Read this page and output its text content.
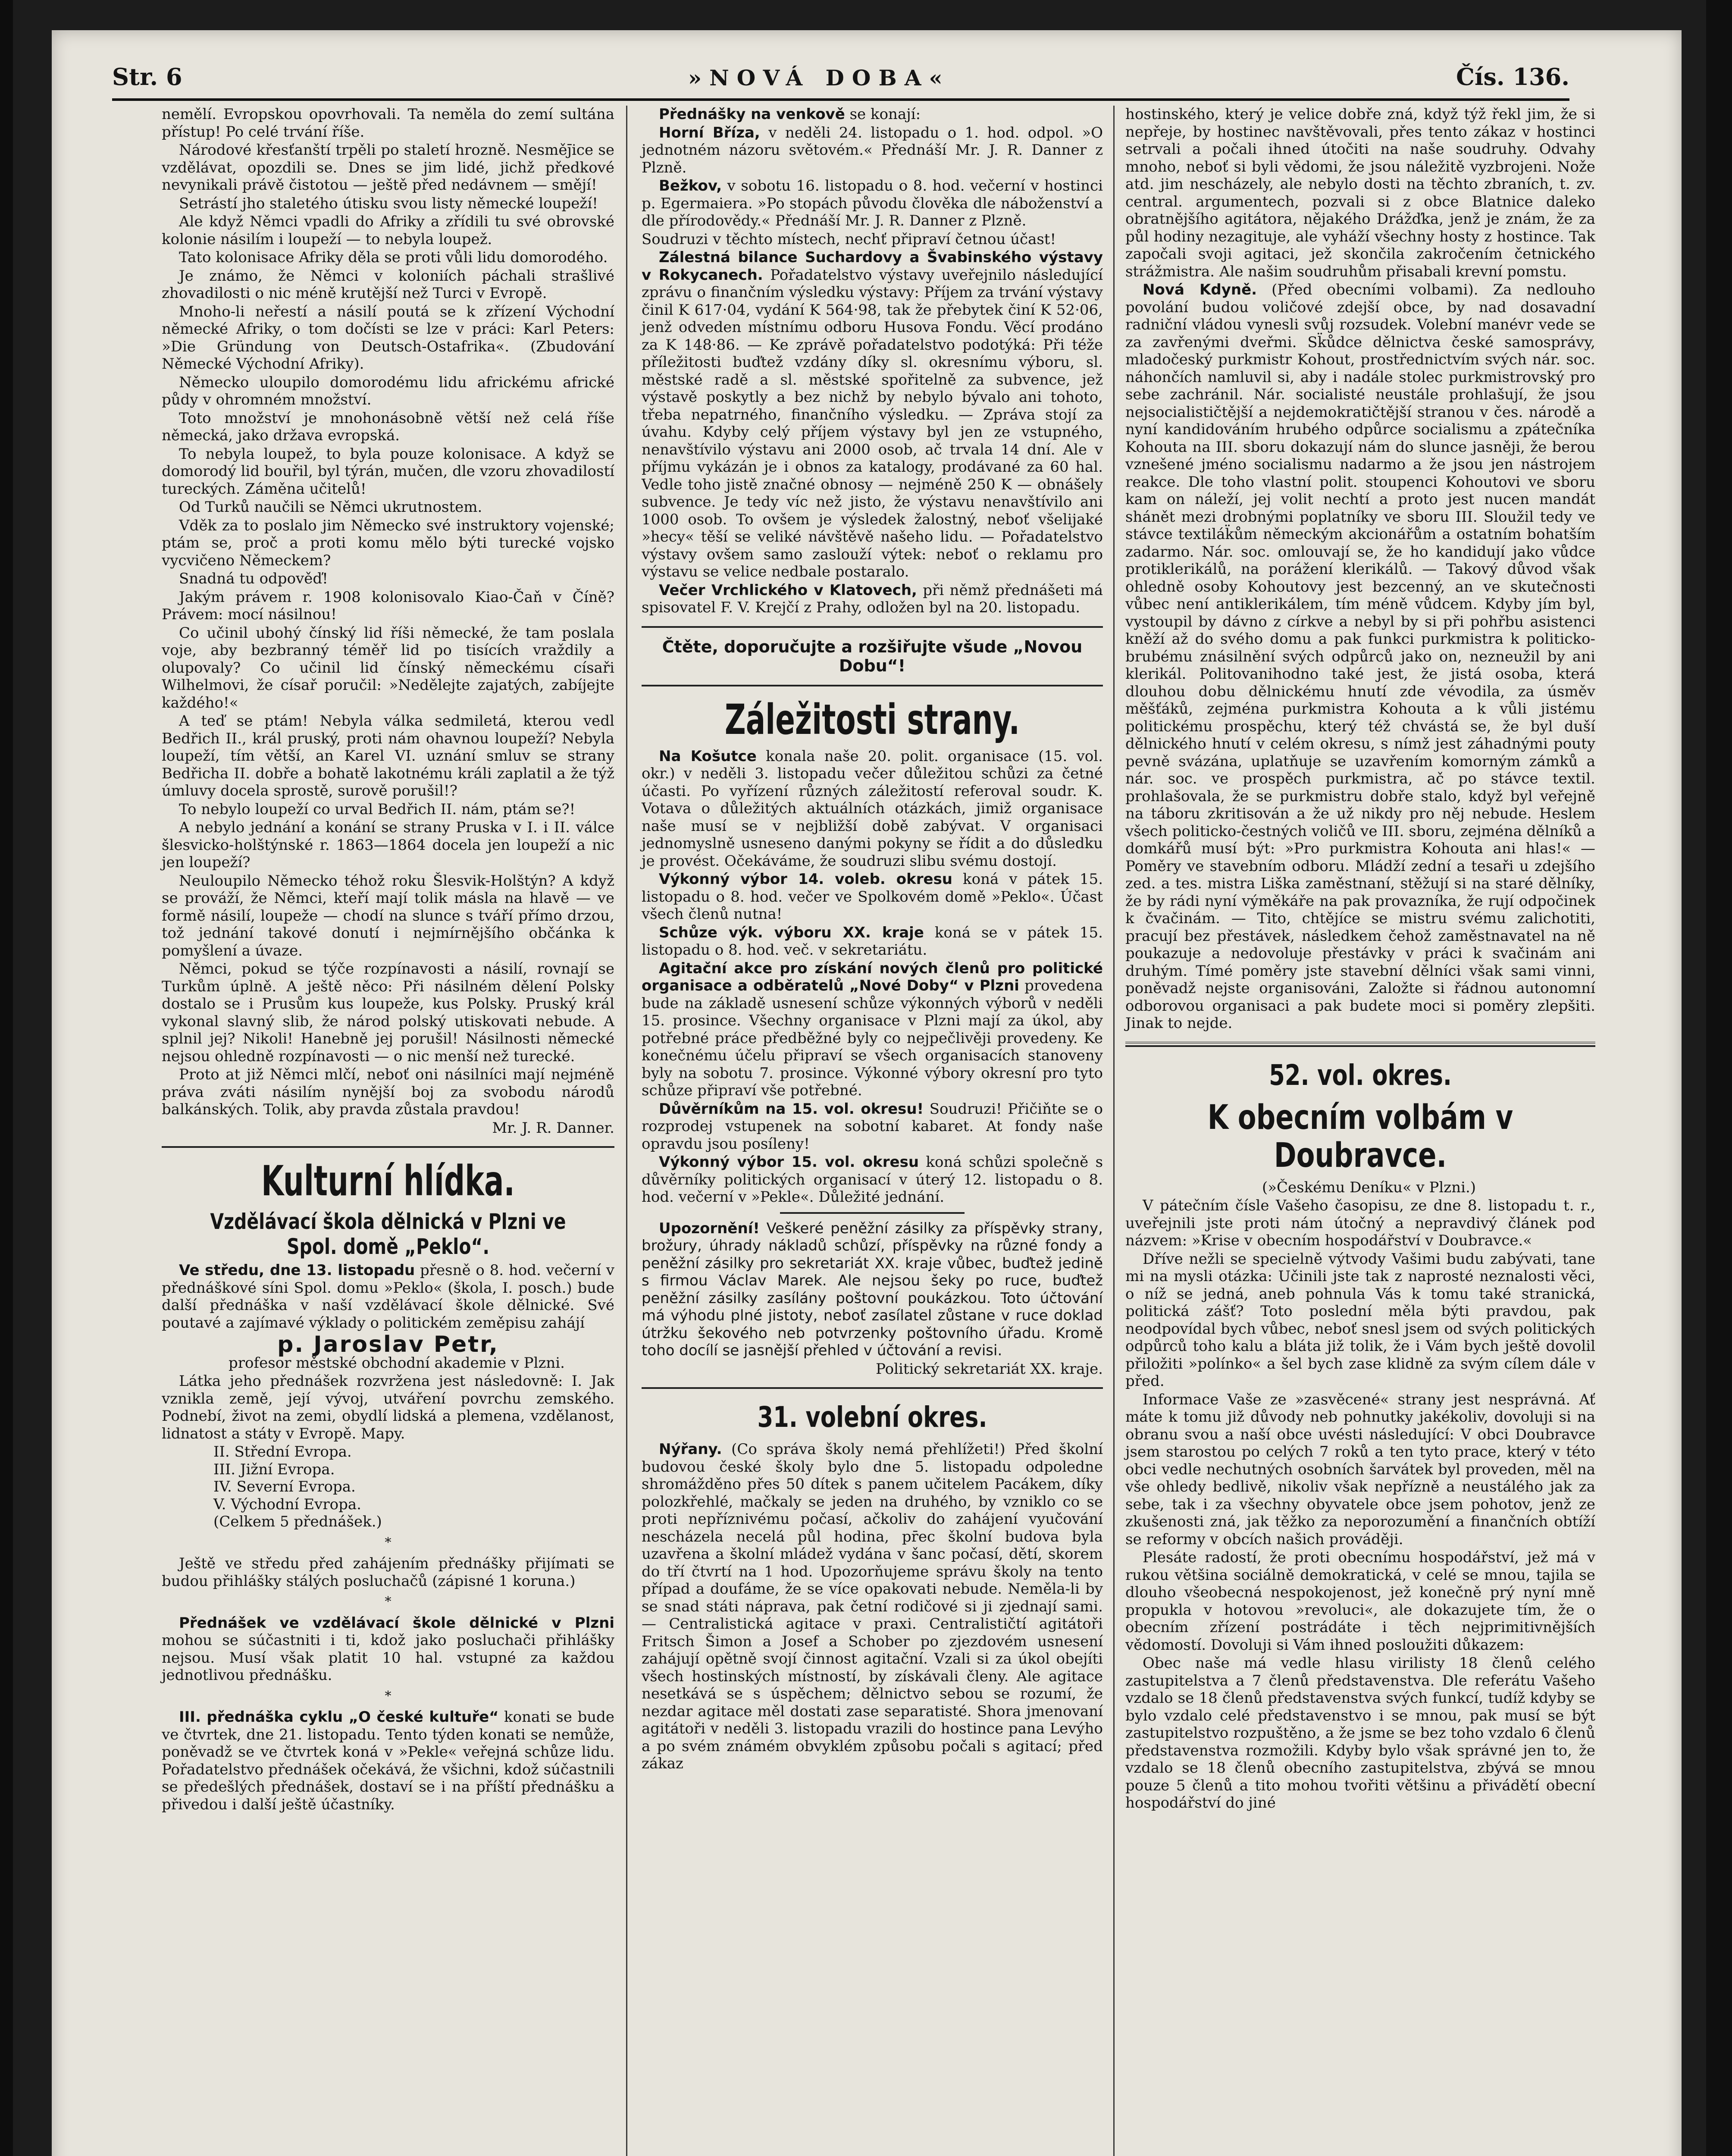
Str. 6	»NOVÁ DOBA«	Čís. 136.

nemělí. Evropskou opovrhovali. Ta neměla do zemí sultána přístup! Po celé trvání říše.

Národové křesťanští trpěli po staletí hrozně. Nesměj̄ice se vzdělávat, opozdili se. Dnes se jim lidé, jichž předkové nevynikali právě čistotou — ještě před nedávnem — smějí!

Setrástí jho staletého útisku svou listy německé loupeží!

Ale když Němci vpadli do Afriky a zřídili tu své obrovské kolonie násilím i loupeží — to nebyla loupež.

Tato kolonisace Afriky děla se proti vůli lidu domorodého.

Je známo, že Němci v koloniích páchali strašlivé zhovadilosti o nic méně krutější než Turci v Evropě.

Mnoho-li neřestí a násilí poutá se k zřízení Východní německé Afriky, o tom dočísti se lze v práci: Karl Peters: »Die Gründung von Deutsch-Ostafrika«. (Zbudování Německé Východní Afriky).

Německo uloupilo domorodému lidu africkému africké půdy v ohromném množství.

Toto množství je mnohonásobně větší než celá říše německá, jako država evropská.

To nebyla loupež, to byla pouze kolonisace. A když se domorodý lid bouřil, byl týrán, mučen, dle vzoru zhovadilostí tureckých. Záměna učitelů!

Od Turků naučili se Němci ukrutnostem.

Vděk za to poslalo jim Německo své instruktory vojenské; ptám se, proč a proti komu mělo býti turecké vojsko vycvičeno Německem?

Snadná tu odpověď!

Jakým právem r. 1908 kolonisovalo Kiao-Čaň v Číně? Právem: mocí násilnou!

Co učinil ubohý čínský lid říši německé, že tam poslala voje, aby bezbranný téměř lid po tisících vraždily a olupovaly? Co učinil lid čínský německému císaři Wilhelmovi, že císař poručil: »Nedělejte zajatých, zabíjejte každého!«

A teď se ptám! Nebyla válka sedmiletá, kterou vedl Bedřich II., král pruský, proti nám ohavnou loupeží? Nebyla loupeží, tím větší, an Karel VI. uznání smluv se strany Bedřicha II. dobře a bohatě lakotnému králi zaplatil a že týž úmluvy docela sprostě, surově porušil!?

To nebylo loupeží co urval Bedřich II. nám, ptám se?!

A nebylo jednání a konání se strany Pruska v I. i II. válce šlesvicko-holštýnské r. 1863—1864 docela jen loupeží a nic jen loupeží?

Neuloupilo Německo téhož roku Šlesvik-Holštýn? A když se prováží, že Němci, kteří mají tolik másla na hlavě — ve formě násilí, loupeže — chodí na slunce s tváří přímo drzou, tož jednání takové donutí i nejmírnějšího občánka k pomyšlení a úvaze.

Němci, pokud se týče rozpínavosti a násilí, rovnají se Turkům úplně. A ještě něco: Při násilném dělení Polsky dostalo se i Prusům kus loupeže, kus Polsky. Pruský král vykonal slavný slib, že národ polský utiskovati nebude. A splnil jej? Nikoli! Hanebně jej porušil! Násilnosti německé nejsou ohledně rozpínavosti — o nic menší než turecké.

Proto at již Němci mlčí, neboť oni násilníci mají nejméně práva zváti násilím nynější boj za svobodu národů balkánských. Tolik, aby pravda zůstala pravdou!

Mr. J. R. Danner.

Kulturní hlídka.
Vzdělávací škola dělnická v Plzni ve Spol. domě „Peklo“.

Ve středu, dne 13. listopadu přesně o 8. hod. večerní v přednáškové síni Spol. domu »Peklo« (škola, I. posch.) bude další přednáška v naší vzdělávací škole dělnické. Své poutavé a zajímavé výklady o politickém zeměpisu zahájí

p. Jaroslav Petr,

profesor městské obchodní akademie v Plzni.

Látka jeho přednášek rozvržena jest následovně: I. Jak vznikla země, její vývoj, utváření povrchu zemského. Podnebí, život na zemi, obydlí lidská a plemena, vzdělanost, lidnatost a státy v Evropě. Mapy.

II. Střední Evropa.
III. Jižní Evropa.
IV. Severní Evropa.
V. Východní Evropa.
(Celkem 5 přednášek.)
*

Ještě ve středu před zahájením přednášky přijímati se budou přihlášky stálých posluchačů (zápisné 1 koruna.)

*

Přednášek ve vzdělávací škole dělnické v Plzni mohou se súčastniti i ti, kdož jako posluchači přihlášky nejsou. Musí však platit 10 hal. vstupné za každou jednotlivou přednášku.

*

III. přednáška cyklu „O české kultuře“ konati se bude ve čtvrtek, dne 21. listopadu. Tento týden konati se nemůže, poněvadž se ve čtvrtek koná v »Pekle« veřejná schůze lidu. Pořadatelstvo přednášek očekává, že všichni, kdož súčastnili se předešlých přednášek, dostaví se i na příští přednášku a přivedou i další ještě účastníky.

Přednášky na venkově se konají:

Horní Bříza, v neděli 24. listopadu o 1. hod. odpol. »O jednotném názoru světovém.« Přednáší Mr. J. R. Danner z Plzně.

Bežkov, v sobotu 16. listopadu o 8. hod. večerní v hostinci p. Egermaiera. »Po stopách původu člověka dle náboženství a dle přírodovědy.« Přednáší Mr. J. R. Danner z Plzně.

Soudruzi v těchto místech, nechť připraví četnou účast!

Zálestná bilance Suchardovy a Švabinského výstavy v Rokycanech. Pořadatelstvo výstavy uveřejnilo následující zprávu o finančním výsledku výstavy: Příjem za trvání výstavy činil K 617·04, vydání K 564·98, tak že přebytek činí K 52·06, jenž odveden místnímu odboru Husova Fondu. Věcí prodáno za K 148·86. — Ke zprávě pořadatelstvo podotýká: Při téže příležitosti buďtež vzdány díky sl. okresnímu výboru, sl. městské radě a sl. městské spořitelně za subvence, jež výstavě poskytly a bez nichž by nebylo bývalo ani tohoto, třeba nepatrného, finančního výsledku. — Zpráva stojí za úvahu. Kdyby celý příjem výstavy byl jen ze vstupného, nenavštívilo výstavu ani 2000 osob, ač trvala 14 dní. Ale v příjmu vykázán je i obnos za katalogy, prodávané za 60 hal. Vedle toho jistě značné obnosy — nejméně 250 K — obnášely subvence. Je tedy víc než jisto, že výstavu nenavštívilo ani 1000 osob. To ovšem je výsledek žalostný, neboť všelijaké »hecy« těší se veliké návštěvě našeho lidu. — Pořadatelstvo výstavy ovšem samo zaslouží výtek: neboť o reklamu pro výstavu se velice nedbale postaralo.

Večer Vrchlického v Klatovech, při němž přednášeti má spisovatel F. V. Krejčí z Prahy, odložen byl na 20. listopadu.

Čtěte, doporučujte a rozšiřujte všude „Novou Dobu“!
Záležitosti strany.

Na Košutce konala naše 20. polit. organisace (15. vol. okr.) v neděli 3. listopadu večer důležitou schůzi za četné účasti. Po vyřízení různých záležitostí referoval soudr. K. Votava o důležitých aktuálních otázkách, jimiž organisace naše musí se v nejbližší době zabývat. V organisaci jednomyslně usneseno danými pokyny se řídit a do důsledku je provést. Očekáváme, že soudruzi slibu svému dostojí.

Výkonný výbor 14. voleb. okresu koná v pátek 15. listopadu o 8. hod. večer ve Spolkovém domě »Peklo«. Účast všech členů nutna!

Schůze výk. výboru XX. kraje koná se v pátek 15. listopadu o 8. hod. več. v sekretariátu.

Agitační akce pro získání nových členů pro politické organisace a odběratelů „Nové Doby“ v Plzni provedena bude na základě usnesení schůze výkonných výborů v neděli 15. prosince. Všechny organisace v Plzni mají za úkol, aby potřebné práce předběžné byly co nejpečlivěji provedeny. Ke konečnému účelu připraví se všech organisacích stanoveny byly na sobotu 7. prosince. Výkonné výbory okresní pro tyto schůze připraví vše potřebné.

Důvěrníkům na 15. vol. okresu! Soudruzi! Přičiňte se o rozprodej vstupenek na sobotní kabaret. At fondy naše opravdu jsou posíleny!

Výkonný výbor 15. vol. okresu koná schůzi společně s důvěrníky politických organisací v úterý 12. listopadu o 8. hod. večerní v »Pekle«. Důležité jednání.

Upozornění! Veškeré peněžní zásilky za příspěvky strany, brožury, úhrady nákladů schůzí, příspěvky na různé fondy a peněžní zásilky pro sekretariát XX. kraje vůbec, buďtež jedině s firmou Václav Marek. Ale nejsou šeky po ruce, buďtež peněžní zásilky zasílány poštovní poukázkou. Toto účtování má výhodu plné jistoty, neboť zasílatel zůstane v ruce doklad útržku šekového neb potvrzenky poštovního úřadu. Kromě toho docílí se jasnější přehled v účtování a revisi.

Politický sekretariát XX. kraje.

31. volební okres.

Nýřany. (Co správa školy nemá přehlížeti!) Před školní budovou české školy bylo dne 5. listopadu odpoledne shromážděno přes 50 dítek s panem učitelem Pacákem, díky polozkřehlé, mačkaly se jeden na druhého, by vzniklo co se proti nepříznivému počasí, ačkoliv do zahájení vyučování nescházela necelá půl hodina, pr̄ec školní budova byla uzavřena a školní mládež vydána v šanc počasí, dětí, skorem do tří čtvrtí na 1 hod. Upozorňujeme správu školy na tento případ a doufáme, že se více opakovati nebude. Neměla-li by se snad státi náprava, pak četní rodičové si ji zjednají sami. — Centralistická agitace v praxi. Centralističtí agitátoři Fritsch Šimon a Josef a Schober po zjezdovém usnesení zahájují opětně svojí činnost agitační. Vzali si za úkol obejíti všech hostinských místností, by získávali členy. Ale agitace nesetkává se s úspěchem; dělnictvo sebou se rozumí, že nezdar agitace měl dostati zase separatisté. Shora jmenovaní agitátoři v neděli 3. listopadu vrazili do hostince pana Levýho a po svém známém obvyklém způsobu počali s agitací; před zákaz

hostinského, který je velice dobře zná, když týž řekl jim, že si nepřeje, by hostinec navštěvovali, přes tento zákaz v hostinci setrvali a počali ihned útočiti na naše soudruhy. Odvahy mnoho, neboť si byli vědomi, že jsou náležitě vyzbrojeni. Nože atd. jim nescházely, ale nebylo dosti na těchto zbraních, t. zv. central. argumentech, pozvali si z obce Blatnice daleko obratnějšího agitátora, nějakého Drážďka, jenž je znám, že za půl hodiny nezagituje, ale vyháží všechny hosty z hostince. Tak započali svoji agitaci, jež skončila zakročením četnického strážmistra. Ale našim soudruhům přisabali krevní pomstu.

Nová Kdyně. (Před obecními volbami). Za nedlouho povolání budou voličové zdejší obce, by nad dosavadní radniční vládou vynesli svůj rozsudek. Volební manévr vede se za zavřenými dveřmi. Sk̈ůdce dělnictva české samosprávy, mladočeský purkmistr Kohout, prostřednictvím svých nár. soc. náhončích namluvil si, aby i nadále stolec purkmistrovský pro sebe zachránil. Nár. socialisté neustále prohlašují, že jsou nejsocialističtější a nejdemokratičtější stranou v čes. národě a nyní kandidováním hrubého odpůrce socialismu a zpátečníka Kohouta na III. sboru dokazují nám do slunce jasněji, že berou vznešené jméno socialismu nadarmo a že jsou jen nástrojem reakce. Dle toho vlastní polit. stoupenci Kohoutovi ve sboru kam on náleží, jej volit nechtí a proto jest nucen mandát shánět mezi drobnými poplatníky ve sboru III. Sloužil tedy ve stávce textilák̈ům německým akcionářům a ostatním bohatším zadarmo. Nár. soc. omlouvají se, že ho kandidují jako vůdce protiklerikálů, na porážení klerikálů. — Takový důvod však ohledně osoby Kohoutovy jest bezcenný, an ve skutečnosti vůbec není antiklerikálem, tím méně vůdcem. Kdyby jím byl, vystoupil by dávno z církve a nebyl by si při pohřbu asistenci kněží až do svého domu a pak funkci purkmistra k politicko-brubému znásilnění svých odpůrců jako on, nezneužil by ani klerikál. Politovanihodno také jest, že jistá osoba, která dlouhou dobu dělnickému hnutí zde vévodila, za úsměv měšťáků, zejména purkmistra Kohouta a k vůli jistému politickému prospěchu, který též chvástá se, že byl duší dělnického hnutí v celém okresu, s nímž jest záhadnými pouty pevně svázána, uplatňuje se uzavřením komorným zámků a nár. soc. ve prospěch purkmistra, ač po stávce textil. prohlašovala, že se purkmistru dobře stalo, když byl veřejně na táboru zkritisován a že už nikdy pro něj nebude. Heslem všech politicko-čestných voličů ve III. sboru, zejména dělníků a domkářů musí být: »Pro purkmistra Kohouta ani hlas!« — Poměry ve stavebním odboru. Mládží zední a tesaři u zdejšího zed. a tes. mistra Liška zaměstnaní, stěžují si na staré dělníky, že by rádi nyní výměkáře na pak provazníka, že rují odpočinek k čvačinám. — Tito, chtějíce se mistru svému zalichotiti, pracují bez přestávek, následkem čehož zaměstnavatel na ně poukazuje a nedovoluje přestávky v práci k svačinám ani druhým. Tímé poměry jste stavební dělníci však sami vinni, poněvadž nejste organisováni, Založte si řádnou autonomní odborovou organisaci a pak budete moci si poměry zlepšiti. Jinak to nejde.

52. vol. okres.
K obecním volbám v Doubravce.

(»Českému Deníku« v Plzni.)

V pátečním čísle Vašeho časopisu, ze dne 8. listopadu t. r., uveřejnili jste proti nám útočný a nepravdivý článek pod názvem: »Krise v obecním hospodářství v Doubravce.«

Dříve nežli se specielně výtvody Vašimi budu zabývati, tane mi na mysli otázka: Učinili jste tak z naprosté neznalosti věci, o níž se jedná, aneb pohnula Vás k tomu také stranická, politická zášť? Toto poslední měla býti pravdou, pak neodpovídal bych vůbec, neboť snesl jsem od svých politických odpůrců toho kalu a bláta již tolik, že i Vám bych ještě dovolil přiložiti »polínko« a šel bych zase klidně za svým cílem dále v před.

Informace Vaše ze »zasvěcené« strany jest nesprávná. Ať máte k tomu již důvody neb pohnutky jakékoliv, dovoluji si na obranu svou a naší obce uvésti následující: V obci Doubravce jsem starostou po celých 7 roků a ten tyto prace, který v této obci vedle nechutných osobních šarvátek byl proveden, měl na vše ohledy bedlivě, nikoliv však nepřízně a neustálého jak za sebe, tak i za všechny obyvatele obce jsem pohotov, jenž ze zkušenosti zná, jak těžko za neporozumění a finančních obtíží se reformy v obcích našich prováději.

Plesáte radostí, že proti obecnímu hospodářství, jež má v rukou většina sociálně demokratická, v celé se mnou, tajila se dlouho všeobecná nespokojenost, jež konečně prý nyní mně propukla v hotovou »revoluci«, ale dokazujete tím, že o obecním zřízení postrádáte i těch nejprimitivnějších vědomostí. Dovoluji si Vám ihned posloužiti důkazem:

Obec naše má vedle hlasu virilisty 18 členů celého zastupitelstva a 7 členů představenstva. Dle referátu Vašeho vzdalo se 18 členů představenstva svých funkcí, tudíž kdyby se bylo vzdalo celé představenstvo i se mnou, pak musí se být zastupitelstvo rozpuštěno, a že jsme se bez toho vzdalo 6 členů představenstva rozmožili. Kdyby bylo však správné jen to, že vzdalo se 18 členů obecního zastupitelstva, zbývá se mnou pouze 5 členů a tito mohou tvořiti většinu a přivádětí obecní hospodářství do jiné
